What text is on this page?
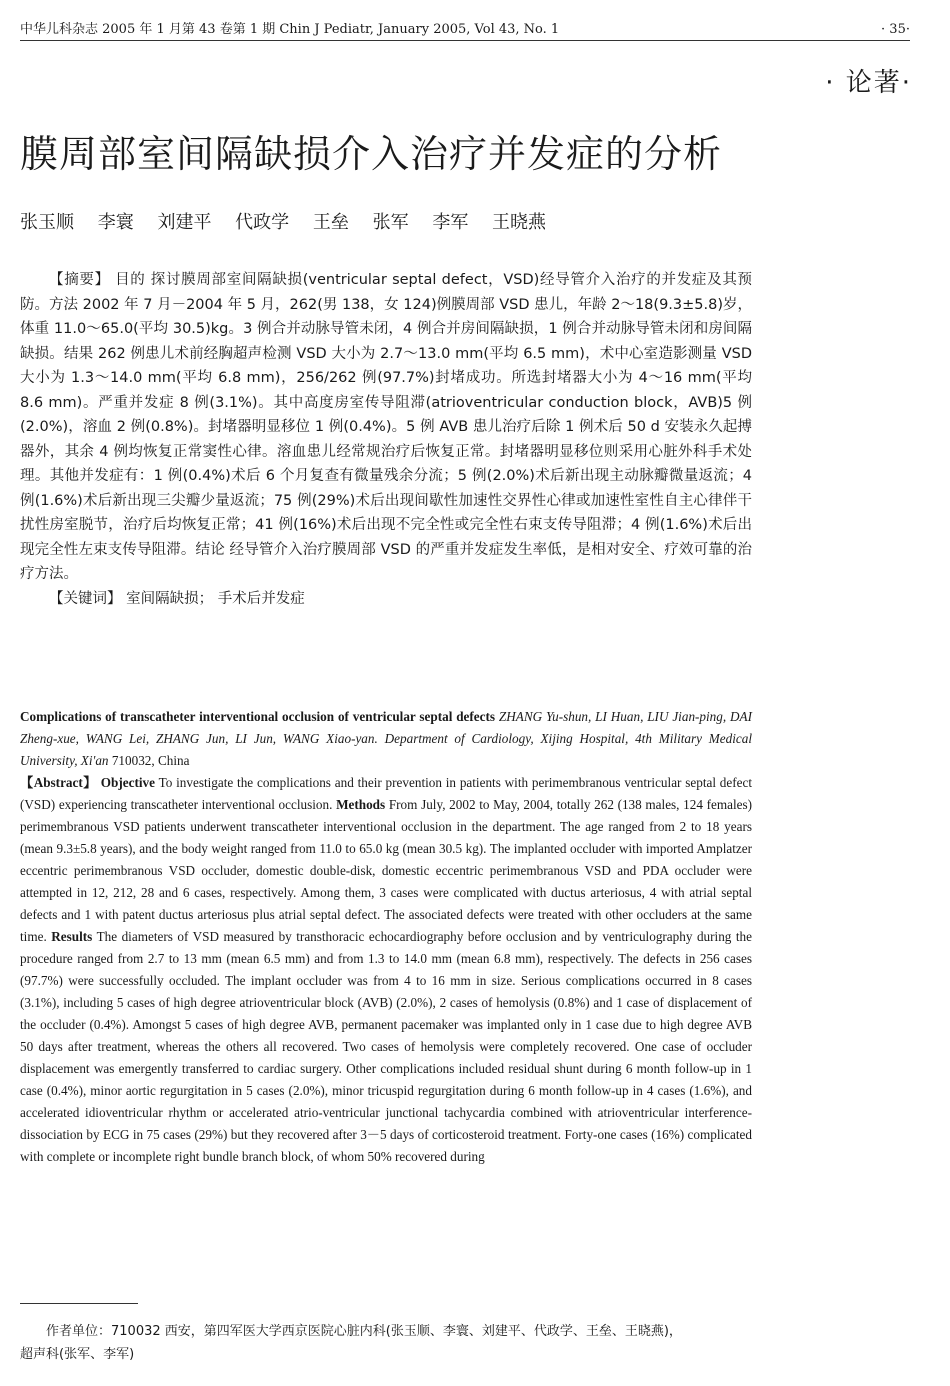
中华儿科杂志 2005 年 1 月第 43 卷第 1 期 Chin J Pediatr, January 2005, Vol 43, No. 1	· 35·
· 论著·
膜周部室间隔缺损介入治疗并发症的分析
张玉顺 李寰 刘建平 代政学 王垒 张军 李军 王晓燕

【摘要】 目的 探讨膜周部室间隔缺损(ventricular septal defect，VSD)经导管介入治疗的并发症及其预防。方法 2002 年 7 月－2004 年 5 月，262(男 138，女 124)例膜周部 VSD 患儿，年龄 2～18(9.3±5.8)岁，体重 11.0～65.0(平均 30.5)kg。3 例合并动脉导管未闭，4 例合并房间隔缺损，1 例合并动脉导管未闭和房间隔缺损。结果 262 例患儿术前经胸超声检测 VSD 大小为 2.7～13.0 mm(平均 6.5 mm)，术中心室造影测量 VSD 大小为 1.3～14.0 mm(平均 6.8 mm)，256/262 例(97.7%)封堵成功。所选封堵器大小为 4～16 mm(平均 8.6 mm)。严重并发症 8 例(3.1%)。其中高度房室传导阻滞(atrioventricular conduction block，AVB)5 例(2.0%)，溶血 2 例(0.8%)。封堵器明显移位 1 例(0.4%)。5 例 AVB 患儿治疗后除 1 例术后 50 d 安装永久起搏器外，其余 4 例均恢复正常窦性心律。溶血患儿经常规治疗后恢复正常。封堵器明显移位则采用心脏外科手术处理。其他并发症有：1 例(0.4%)术后 6 个月复查有微量残余分流；5 例(2.0%)术后新出现主动脉瓣微量返流；4 例(1.6%)术后新出现三尖瓣少量返流；75 例(29%)术后出现间歇性加速性交界性心律或加速性室性自主心律伴干扰性房室脱节，治疗后均恢复正常；41 例(16%)术后出现不完全性或完全性右束支传导阻滞；4 例(1.6%)术后出现完全性左束支传导阻滞。结论 经导管介入治疗膜周部 VSD 的严重并发症发生率低，是相对安全、疗效可靠的治疗方法。

【关键词】 室间隔缺损； 手术后并发症

Complications of transcatheter interventional occlusion of ventricular septal defects ZHANG Yu-shun, LI Huan, LIU Jian-ping, DAI Zheng-xue, WANG Lei, ZHANG Jun, LI Jun, WANG Xiao-yan. Department of Cardiology, Xijing Hospital, 4th Military Medical University, Xi'an 710032, China

【Abstract】 Objective To investigate the complications and their prevention in patients with perimembranous ventricular septal defect (VSD) experiencing transcatheter interventional occlusion. Methods From July, 2002 to May, 2004, totally 262 (138 males, 124 females) perimembranous VSD patients underwent transcatheter interventional occlusion in the department. The age ranged from 2 to 18 years (mean 9.3±5.8 years), and the body weight ranged from 11.0 to 65.0 kg (mean 30.5 kg). The implanted occluder with imported Amplatzer eccentric perimembranous VSD occluder, domestic double-disk, domestic eccentric perimembranous VSD and PDA occluder were attempted in 12, 212, 28 and 6 cases, respectively. Among them, 3 cases were complicated with ductus arteriosus, 4 with atrial septal defects and 1 with patent ductus arteriosus plus atrial septal defect. The associated defects were treated with other occluders at the same time. Results The diameters of VSD measured by transthoracic echocardiography before occlusion and by ventriculography during the procedure ranged from 2.7 to 13 mm (mean 6.5 mm) and from 1.3 to 14.0 mm (mean 6.8 mm), respectively. The defects in 256 cases (97.7%) were successfully occluded. The implant occluder was from 4 to 16 mm in size. Serious complications occurred in 8 cases (3.1%), including 5 cases of high degree atrioventricular block (AVB) (2.0%), 2 cases of hemolysis (0.8%) and 1 case of displacement of the occluder (0.4%). Amongst 5 cases of high degree AVB, permanent pacemaker was implanted only in 1 case due to high degree AVB 50 days after treatment, whereas the others all recovered. Two cases of hemolysis were completely recovered. One case of occluder displacement was emergently transferred to cardiac surgery. Other complications included residual shunt during 6 month follow-up in 1 case (0.4%), minor aortic regurgitation in 5 cases (2.0%), minor tricuspid regurgitation during 6 month follow-up in 4 cases (1.6%), and accelerated idioventricular rhythm or accelerated atrio-ventricular junctional tachycardia combined with atrioventricular interference-dissociation by ECG in 75 cases (29%) but they recovered after 3－5 days of corticosteroid treatment. Forty-one cases (16%) complicated with complete or incomplete right bundle branch block, of whom 50% recovered during

作者单位：710032 西安，第四军医大学西京医院心脏内科(张玉顺、李寰、刘建平、代政学、王垒、王晓燕)，
超声科(张军、李军)
